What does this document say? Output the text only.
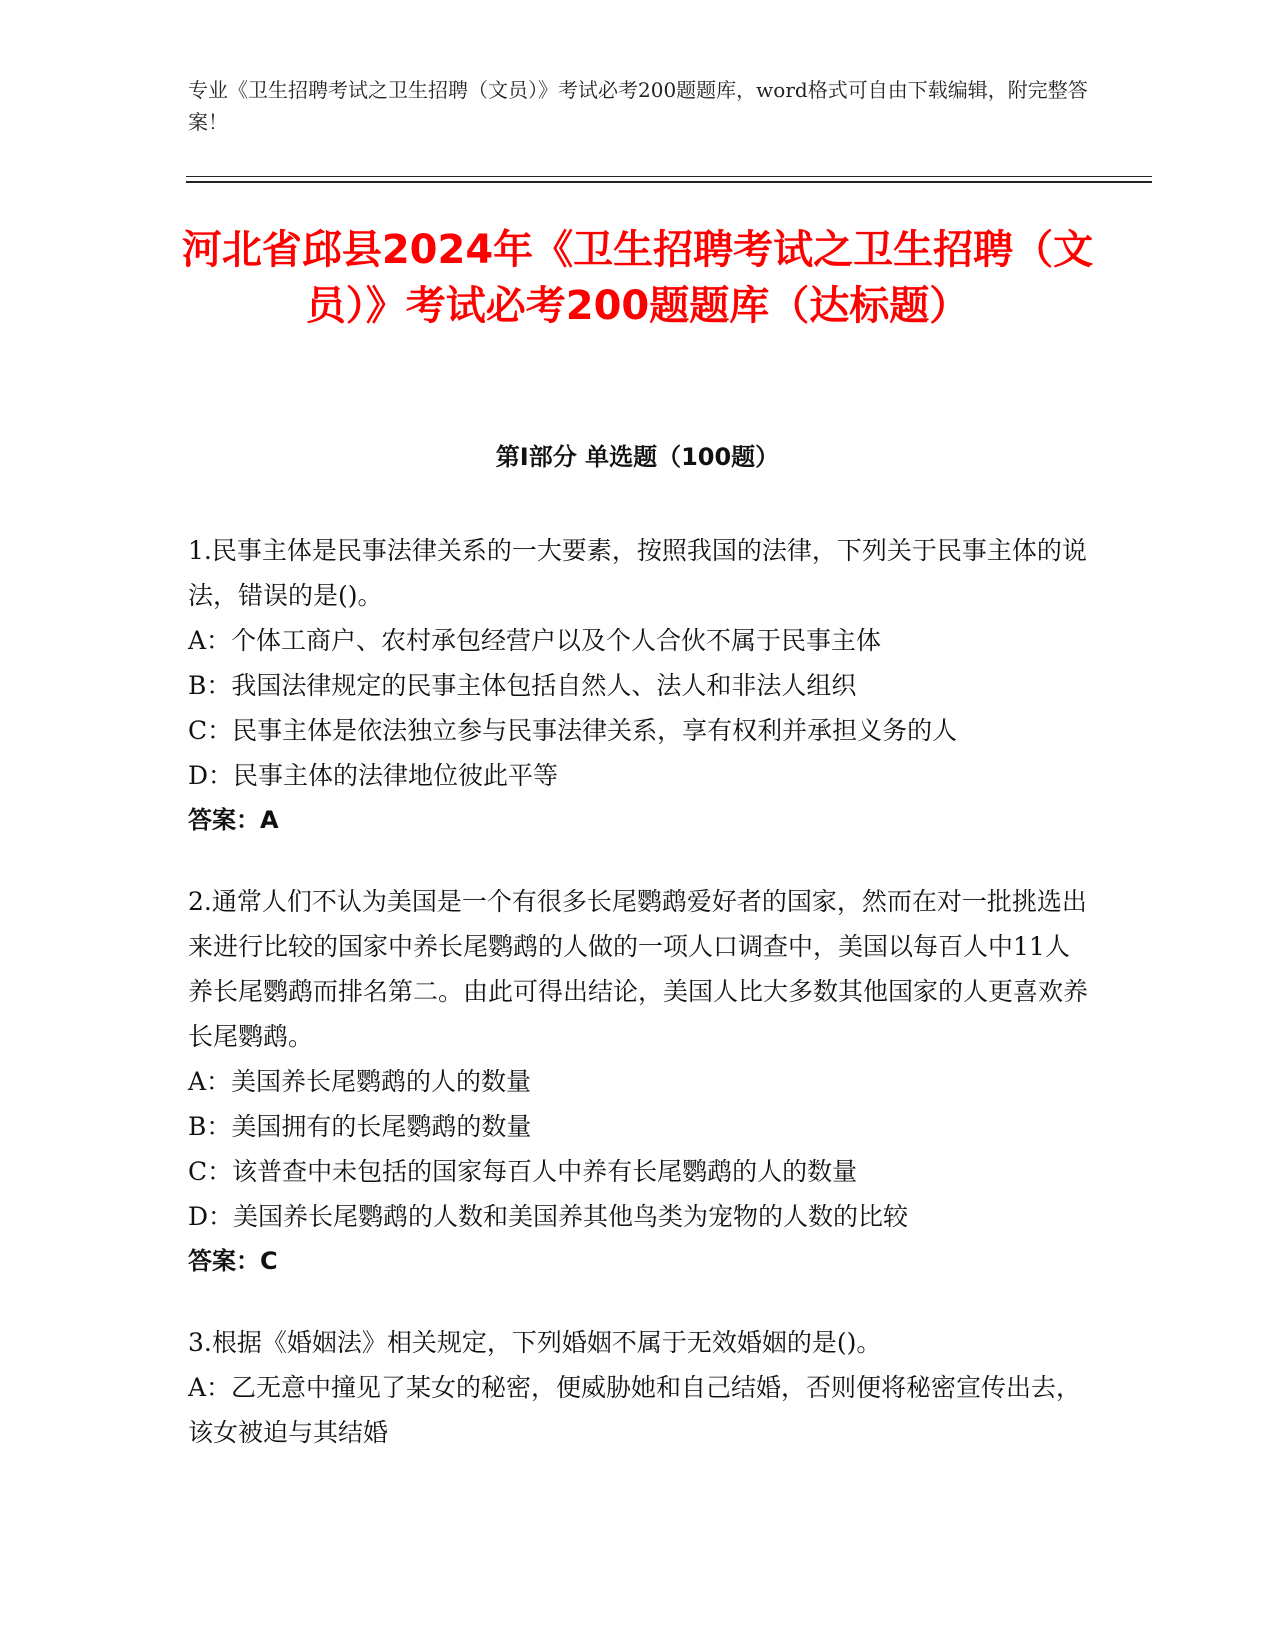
专业《卫生招聘考试之卫生招聘（文员）》考试必考200题题库，word格式可自由下载编辑，附完整答案！
河北省邱县2024年《卫生招聘考试之卫生招聘（文员）》考试必考200题题库（达标题）
第I部分 单选题（100题）
1.民事主体是民事法律关系的一大要素，按照我国的法律，下列关于民事主体的说法，错误的是()。
A：个体工商户、农村承包经营户以及个人合伙不属于民事主体
B：我国法律规定的民事主体包括自然人、法人和非法人组织
C：民事主体是依法独立参与民事法律关系，享有权利并承担义务的人
D：民事主体的法律地位彼此平等
答案：A
2.通常人们不认为美国是一个有很多长尾鹦鹉爱好者的国家，然而在对一批挑选出来进行比较的国家中养长尾鹦鹉的人做的一项人口调查中，美国以每百人中11人养长尾鹦鹉而排名第二。由此可得出结论，美国人比大多数其他国家的人更喜欢养长尾鹦鹉。
A：美国养长尾鹦鹉的人的数量
B：美国拥有的长尾鹦鹉的数量
C：该普查中未包括的国家每百人中养有长尾鹦鹉的人的数量
D：美国养长尾鹦鹉的人数和美国养其他鸟类为宠物的人数的比较
答案：C
3.根据《婚姻法》相关规定，下列婚姻不属于无效婚姻的是()。
A：乙无意中撞见了某女的秘密，便威胁她和自己结婚，否则便将秘密宣传出去，该女被迫与其结婚
